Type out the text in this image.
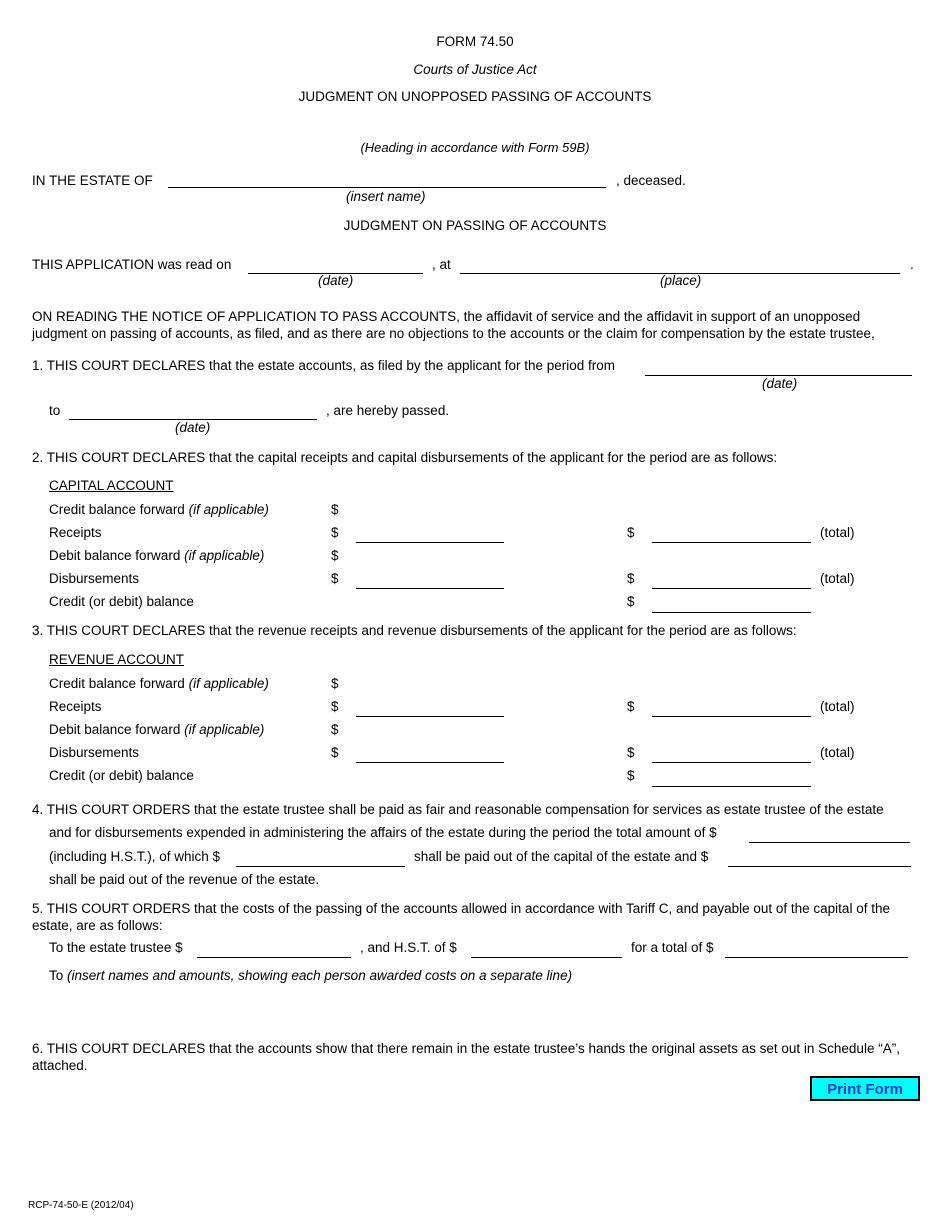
FORM 74.50
Courts of Justice Act
JUDGMENT ON UNOPPOSED PASSING OF ACCOUNTS
(Heading in accordance with Form 59B)
IN THE ESTATE OF	, deceased.
(insert name)
JUDGMENT ON PASSING OF ACCOUNTS
THIS APPLICATION was read on	, at	.
(date)	(place)
ON READING THE NOTICE OF APPLICATION TO PASS ACCOUNTS, the affidavit of service and the affidavit in support of an unopposed judgment on passing of accounts, as filed, and as there are no objections to the accounts or the claim for compensation by the estate trustee,
1. THIS COURT DECLARES that the estate accounts, as filed by the applicant for the period from
(date)
to	, are hereby passed.
(date)
2. THIS COURT DECLARES that the capital receipts and capital disbursements of the applicant for the period are as follows:
CAPITAL ACCOUNT
Credit balance forward (if applicable)	$
Receipts	$	$	(total)
Debit balance forward (if applicable)	$
Disbursements	$	$	(total)
Credit (or debit) balance	$
3. THIS COURT DECLARES that the revenue receipts and revenue disbursements of the applicant for the period are as follows:
REVENUE ACCOUNT
Credit balance forward (if applicable)	$
Receipts	$	$	(total)
Debit balance forward (if applicable)	$
Disbursements	$	$	(total)
Credit (or debit) balance	$
4. THIS COURT ORDERS that the estate trustee shall be paid as fair and reasonable compensation for services as estate trustee of the estate
and for disbursements expended in administering the affairs of the estate during the period the total amount of $
(including H.S.T.), of which $	shall be paid out of the capital of the estate and $
shall be paid out of the revenue of the estate.
5. THIS COURT ORDERS that the costs of the passing of the accounts allowed in accordance with Tariff C, and payable out of the capital of the estate, are as follows:
To the estate trustee $	, and H.S.T. of $	for a total of $
To (insert names and amounts, showing each person awarded costs on a separate line)
6. THIS COURT DECLARES that the accounts show that there remain in the estate trustee’s hands the original assets as set out in Schedule “A”, attached.
Print Form
RCP-74-50-E (2012/04)
